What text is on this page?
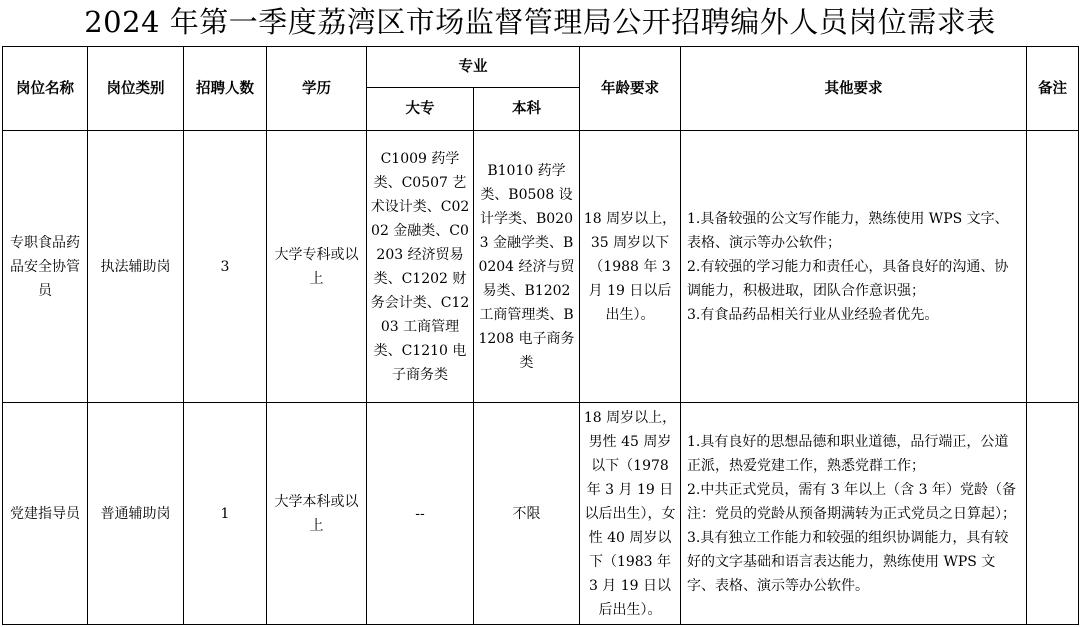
2024 年第一季度荔湾区市场监督管理局公开招聘编外人员岗位需求表
岗位名称	岗位类别	招聘人数	学历	专业		年龄要求	其他要求	备注
				大专	本科			
专职食品药品安全协管员	执法辅助岗	3	大学专科或以上	C1009 药学类、C0507 艺术设计类、C0202 金融类、C0203 经济贸易类、C1202 财务会计类、C1203 工商管理类、C1210 电子商务类	B1010 药学类、B0508 设计学类、B0203 金融学类、B0204 经济与贸易类、B1202 工商管理类、B1208 电子商务类	18 周岁以上，35 周岁以下（1988 年 3 月 19 日以后出生）。	1.具备较强的公文写作能力，熟练使用 WPS 文字、表格、演示等办公软件；
2.有较强的学习能力和责任心，具备良好的沟通、协调能力，积极进取，团队合作意识强；
3.有食品药品相关行业从业经验者优先。	

党建指导员	普通辅助岗	1	大学本科或以上	--	不限	18 周岁以上，男性 45 周岁以下（1978 年 3 月 19 日以后出生），女性 40 周岁以下（1983 年 3 月 19 日以后出生）。	1.具有良好的思想品德和职业道德，品行端正，公道正派，热爱党建工作，熟悉党群工作；
2.中共正式党员，需有 3 年以上（含 3 年）党龄（备注：党员的党龄从预备期满转为正式党员之日算起）；
3.具有独立工作能力和较强的组织协调能力，具有较好的文字基础和语言表达能力，熟练使用 WPS 文字、表格、演示等办公软件。	
